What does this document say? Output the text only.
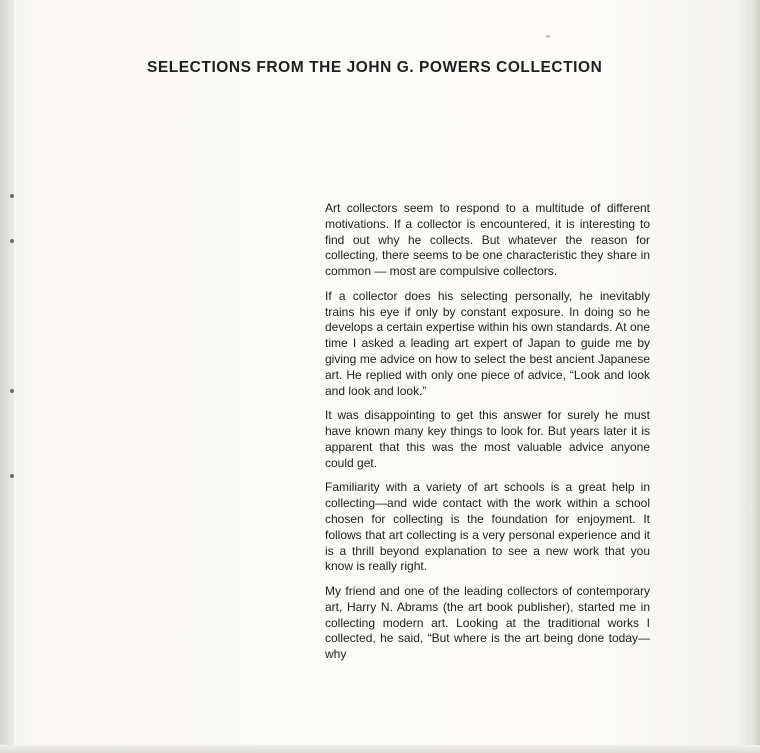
SELECTIONS FROM THE JOHN G. POWERS COLLECTION

Art collectors seem to respond to a multitude of different motivations. If a collector is encountered, it is interesting to find out why he collects. But whatever the reason for collecting, there seems to be one characteristic they share in common — most are compulsive collectors.

If a collector does his selecting personally, he inevitably trains his eye if only by constant exposure. In doing so he develops a certain expertise within his own standards. At one time I asked a leading art expert of Japan to guide me by giving me advice on how to select the best ancient Japanese art. He replied with only one piece of advice, “Look and look and look and look.”

It was disappointing to get this answer for surely he must have known many key things to look for. But years later it is apparent that this was the most valuable advice anyone could get.

Familiarity with a variety of art schools is a great help in collecting—and wide contact with the work within a school chosen for collecting is the foundation for enjoyment. It follows that art collecting is a very personal experience and it is a thrill beyond explanation to see a new work that you know is really right.

My friend and one of the leading collectors of contemporary art, Harry N. Abrams (the art book publisher), started me in collecting modern art. Looking at the traditional works I collected, he said, “But where is the art being done today—why
